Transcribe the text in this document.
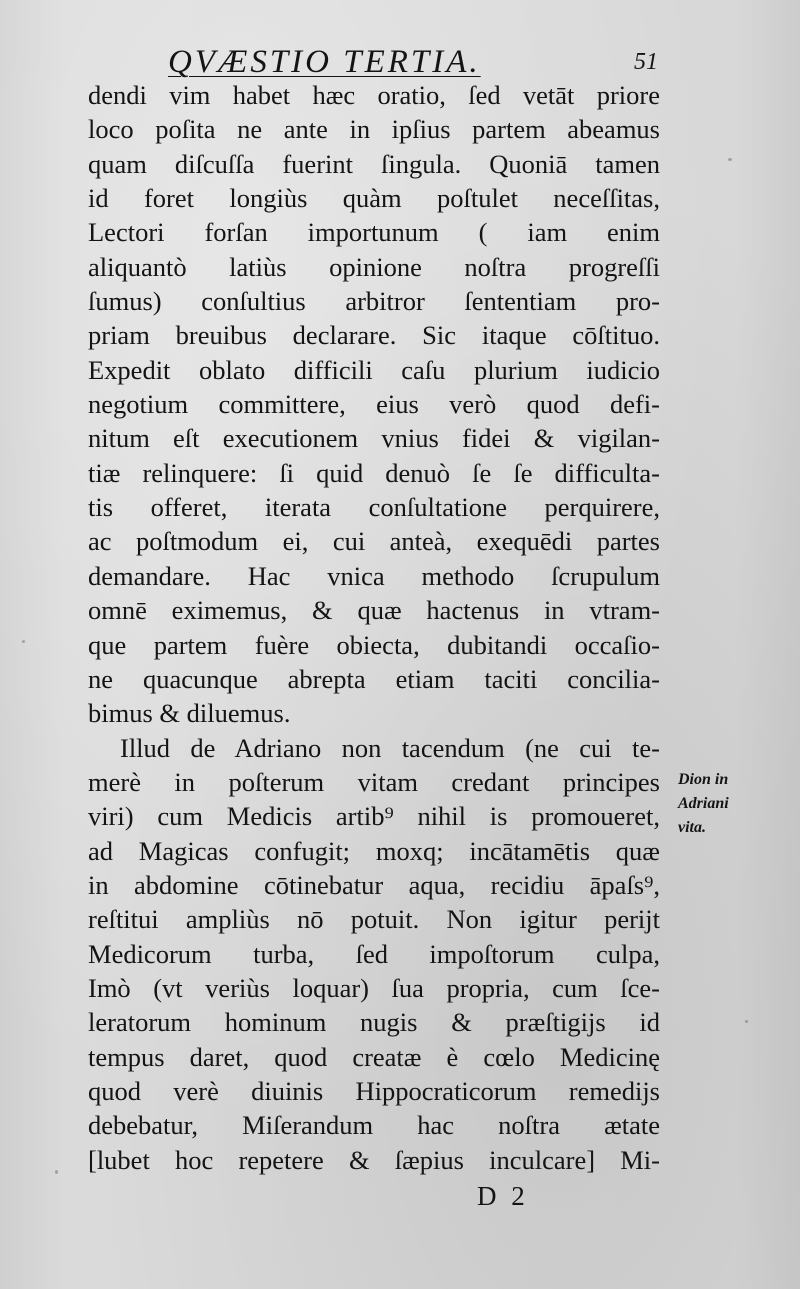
QVÆSTIO TERTIA.	51
dendi vim habet hæc oratio, ſed vetāt priore
loco poſita ne ante in ipſius partem abeamus
quam diſcuſſa fuerint ſingula. Quoniā tamen
id foret longiùs quàm poſtulet neceſſitas,
Lectori forſan importunum ( iam enim
aliquantò latiùs opinione noſtra progreſſi
ſumus) conſultius arbitror ſententiam pro-
priam breuibus declarare. Sic itaque cōſtituo.
Expedit oblato difficili caſu plurium iudicio
negotium committere, eius verò quod defi-
nitum eſt executionem vnius fidei & vigilan-
tiæ relinquere: ſi quid denuò ſe ſe difficulta-
tis offeret, iterata conſultatione perquirere,
ac poſtmodum ei, cui anteà, exequēdi partes
demandare. Hac vnica methodo ſcrupulum
omnē eximemus, & quæ hactenus in vtram-
que partem fuère obiecta, dubitandi occaſio-
ne quacunque abrepta etiam taciti concilia-
bimus & diluemus.
Illud de Adriano non tacendum (ne cui te-
merè in poſterum vitam credant principes
viri) cum Medicis artib⁹ nihil is promoueret,
ad Magicas confugit; moxq; incātamētis quæ
in abdomine cōtinebatur aqua, recidiu āpaſs⁹,
reſtitui ampliùs nō potuit. Non igitur perijt
Medicorum turba, ſed impoſtorum culpa,
Imò (vt veriùs loquar) ſua propria, cum ſce-
leratorum hominum nugis & præſtigijs id
tempus daret, quod creatæ è cœlo Medicinę
quod verè diuinis Hippocraticorum remedijs
debebatur, Miſerandum hac noſtra ætate
[lubet hoc repetere & ſæpius inculcare] Mi-
Dion in
Adriani
vita.
D 2
